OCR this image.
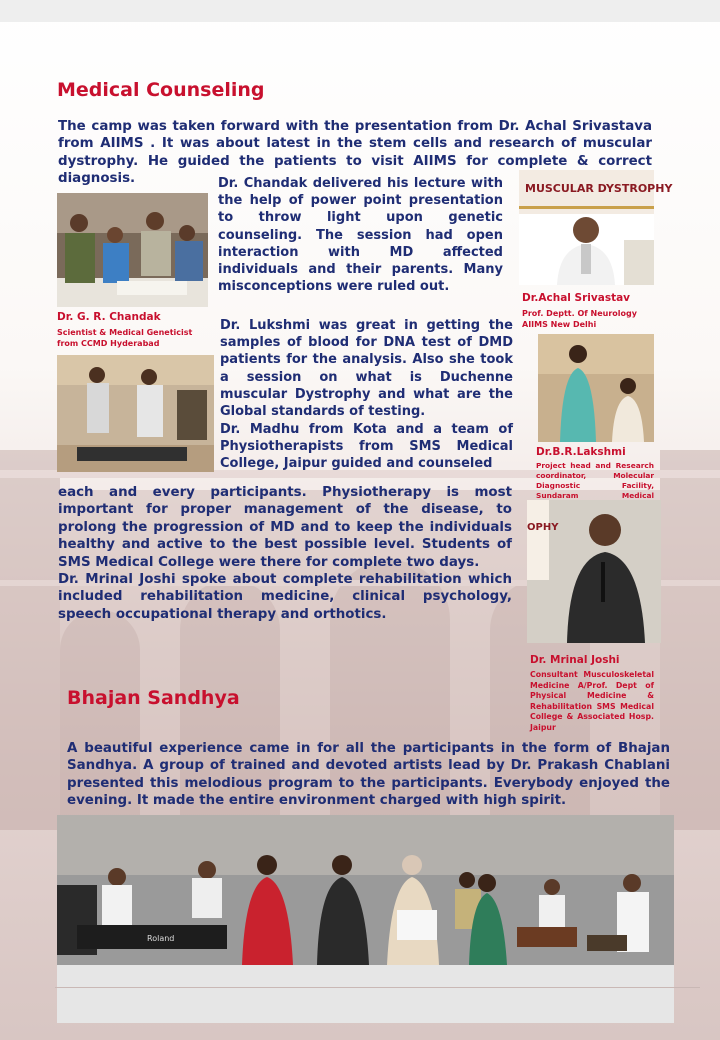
Medical Counseling
The camp was taken forward with the presentation from Dr. Achal Srivastava from AIIMS . It was about latest in the stem cells and research of muscular dystrophy. He guided the patients to visit AIIMS for complete & correct diagnosis.	Dr. Chandak delivered his lecture with the help of power point presentation to throw light upon genetic counseling. The session had open interaction with MD affected individuals and their parents. Many misconceptions were ruled out.
Dr. G. R. Chandak
Scientist & Medical Geneticist
from CCMD Hyderabad
MUSCULAR DYSTROPHY
Dr.Achal Srivastav
Prof. Deptt. Of Neurology
AIIMS New Delhi
Dr. Lukshmi was great in getting the samples of blood for DNA test of DMD patients for the analysis. Also she took a session on what is Duchenne muscular Dystrophy and what are the Global standards of testing.
Dr. Madhu from Kota and a team of Physiotherapists from SMS Medical College, Jaipur guided and counseled
Dr.B.R.Lakshmi
Project head and Research coordinator, Molecular Diagnostic Facility, Sundaram Medical
each and every participants. Physiotherapy is most important for proper management of the disease, to prolong the progression of MD and to keep the individuals healthy and active to the best possible level. Students of SMS Medical College were there for complete two days.
Dr. Mrinal Joshi spoke about complete rehabilitation which included rehabilitation medicine, clinical psychology, speech occupational therapy and orthotics.
OPHY
Dr. Mrinal Joshi
Consultant Musculoskeletal Medicine A/Prof. Dept of Physical Medicine & Rehabilitation SMS Medical College & Associated Hosp. Jaipur
Bhajan Sandhya
A beautiful experience came in for all the participants in the form of Bhajan Sandhya. A group of trained and devoted artists lead by Dr. Prakash Chablani presented this melodious program to the participants. Everybody enjoyed the evening. It made the entire environment charged with high spirit.
Roland
